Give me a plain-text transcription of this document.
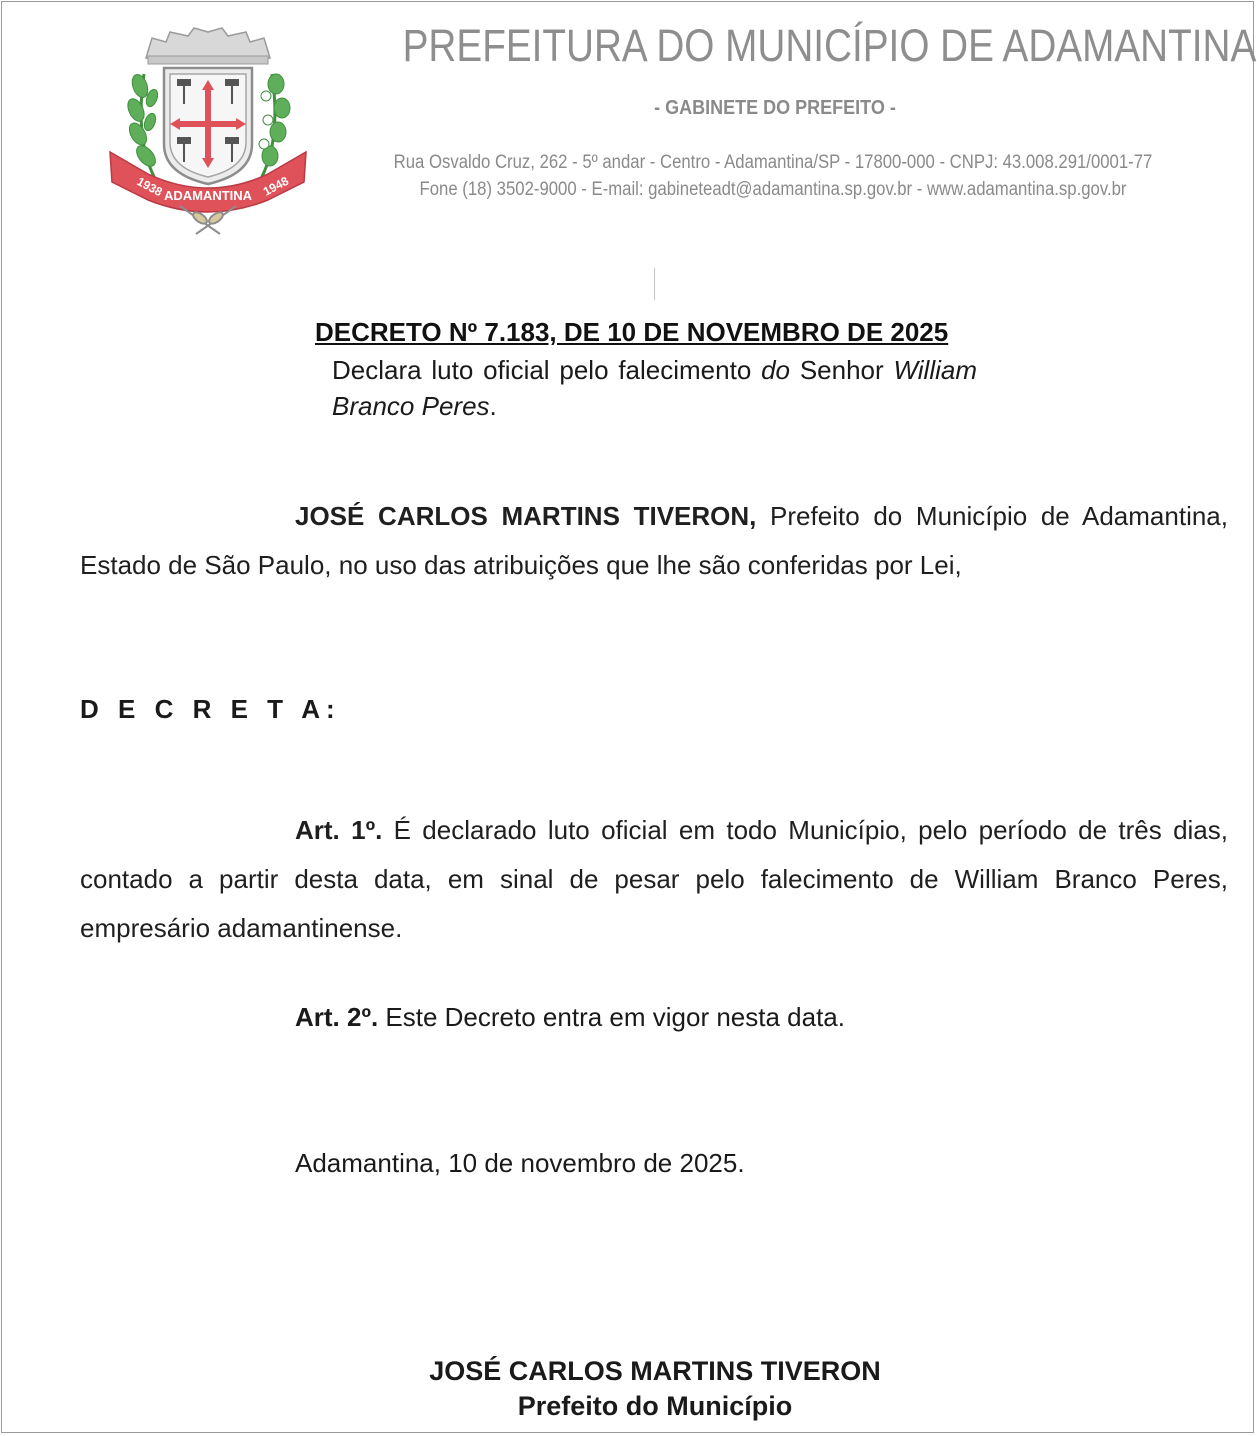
1938 ADAMANTINA 1948
PREFEITURA DO MUNICÍPIO DE ADAMANTINA
- GABINETE DO PREFEITO -
Rua Osvaldo Cruz, 262 - 5º andar - Centro - Adamantina/SP - 17800-000 - CNPJ: 43.008.291/0001-77
Fone (18) 3502-9000 - E-mail: gabineteadt@adamantina.sp.gov.br - www.adamantina.sp.gov.br
DECRETO Nº 7.183, DE 10 DE NOVEMBRO DE 2025
Declara luto oficial pelo falecimento do Senhor William Branco Peres.
JOSÉ CARLOS MARTINS TIVERON, Prefeito do Município de Adamantina, Estado de São Paulo, no uso das atribuições que lhe são conferidas por Lei,
D E C R E T A:
Art. 1º. É declarado luto oficial em todo Município, pelo período de três dias, contado a partir desta data, em sinal de pesar pelo falecimento de William Branco Peres, empresário adamantinense.
Art. 2º. Este Decreto entra em vigor nesta data.
Adamantina, 10 de novembro de 2025.
JOSÉ CARLOS MARTINS TIVERON
Prefeito do Município
